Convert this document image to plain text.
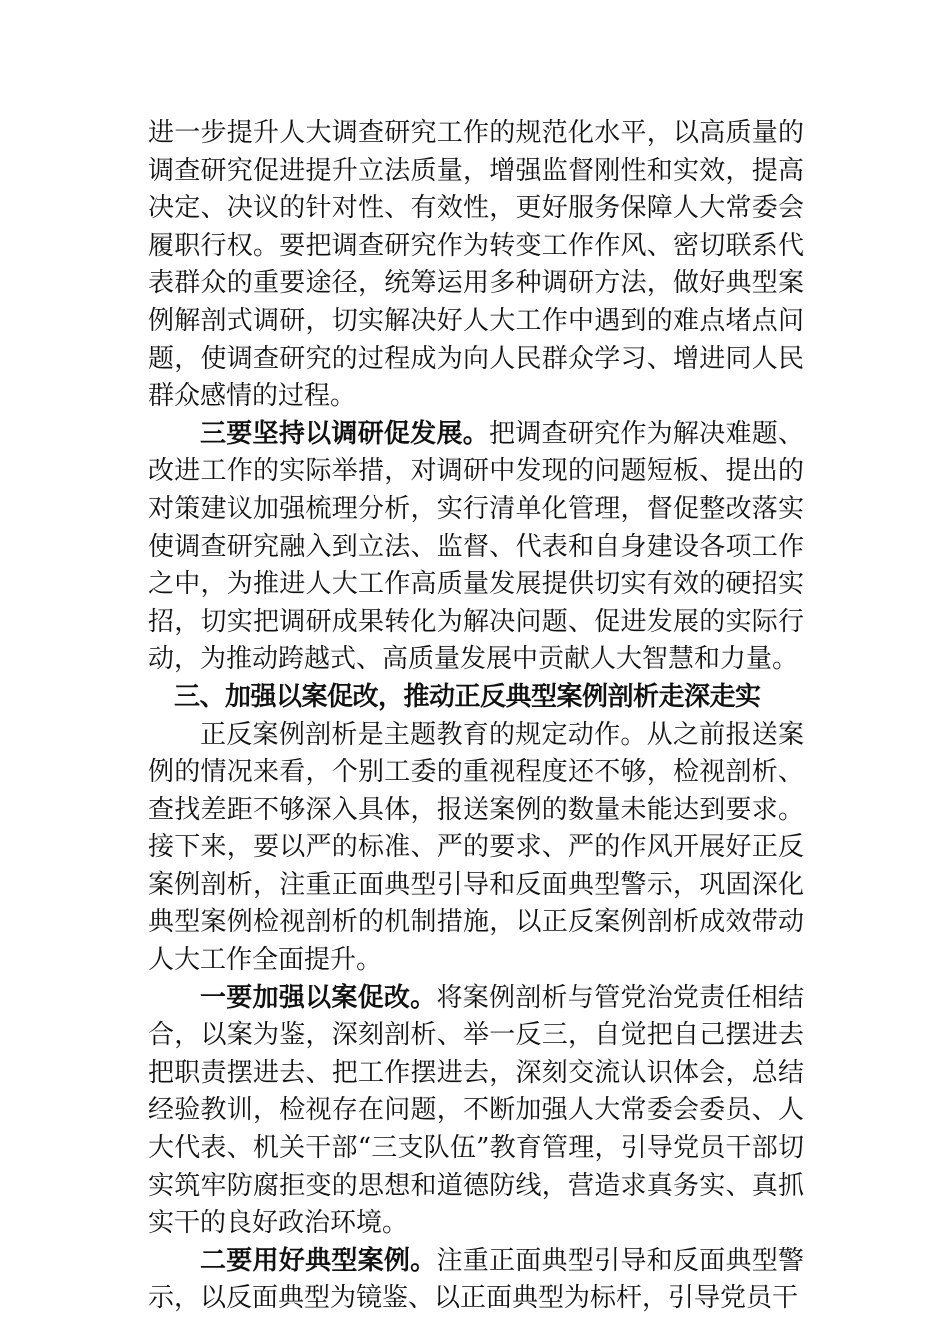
进一步提升人大调查研究工作的规范化水平，以高质量的调查研究促进提升立法质量，增强监督刚性和实效，提高决定、决议的针对性、有效性，更好服务保障人大常委会履职行权。要把调查研究作为转变工作作风、密切联系代表群众的重要途径，统筹运用多种调研方法，做好典型案例解剖式调研，切实解决好人大工作中遇到的难点堵点问题，使调查研究的过程成为向人民群众学习、增进同人民群众感情的过程。

三要坚持以调研促发展。把调查研究作为解决难题、改进工作的实际举措，对调研中发现的问题短板、提出的对策建议加强梳理分析，实行清单化管理，督促整改落实使调查研究融入到立法、监督、代表和自身建设各项工作之中，为推进人大工作高质量发展提供切实有效的硬招实招，切实把调研成果转化为解决问题、促进发展的实际行动，为推动跨越式、高质量发展中贡献人大智慧和力量。

三、加强以案促改，推动正反典型案例剖析走深走实

正反案例剖析是主题教育的规定动作。从之前报送案例的情况来看，个别工委的重视程度还不够，检视剖析、查找差距不够深入具体，报送案例的数量未能达到要求。接下来，要以严的标准、严的要求、严的作风开展好正反案例剖析，注重正面典型引导和反面典型警示，巩固深化典型案例检视剖析的机制措施，以正反案例剖析成效带动人大工作全面提升。

一要加强以案促改。将案例剖析与管党治党责任相结合，以案为鉴，深刻剖析、举一反三，自觉把自己摆进去把职责摆进去、把工作摆进去，深刻交流认识体会，总结经验教训，检视存在问题，不断加强人大常委会委员、人大代表、机关干部“三支队伍”教育管理，引导党员干部切实筑牢防腐拒变的思想和道德防线，营造求真务实、真抓实干的良好政治环境。

二要用好典型案例。注重正面典型引导和反面典型警示，以反面典型为镜鉴、以正面典型为标杆，引导党员干
